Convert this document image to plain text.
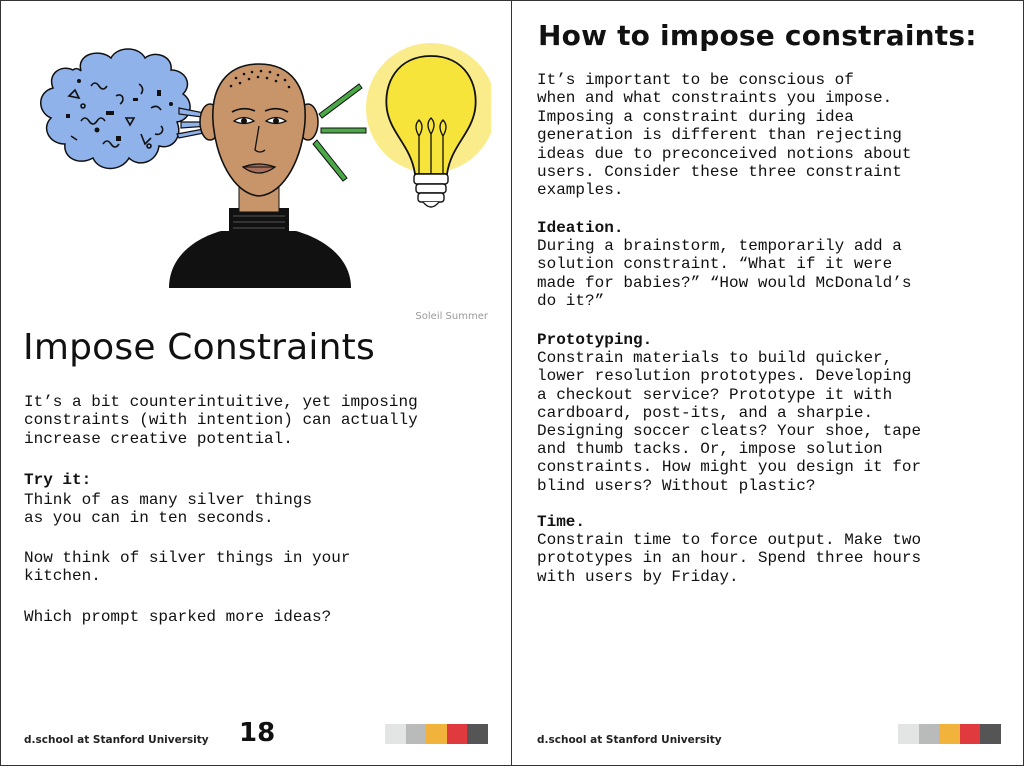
Soleil Summer
Impose Constraints
It’s a bit counterintuitive, yet imposing
constraints (with intention) can actually
increase creative potential.
Try it:
Think of as many silver things
as you can in ten seconds.
Now think of silver things in your
kitchen.
Which prompt sparked more ideas?
d.school at Stanford University 18
How to impose constraints:
It’s important to be conscious of
when and what constraints you impose.
Imposing a constraint during idea
generation is different than rejecting
ideas due to preconceived notions about
users. Consider these three constraint
examples.
Ideation.
During a brainstorm, temporarily add a
solution constraint. “What if it were
made for babies?” “How would McDonald’s
do it?”
Prototyping.
Constrain materials to build quicker,
lower resolution prototypes. Developing
a checkout service? Prototype it with
cardboard, post-its, and a sharpie.
Designing soccer cleats? Your shoe, tape
and thumb tacks. Or, impose solution
constraints. How might you design it for
blind users? Without plastic?
Time.
Constrain time to force output. Make two
prototypes in an hour. Spend three hours
with users by Friday.
d.school at Stanford University
